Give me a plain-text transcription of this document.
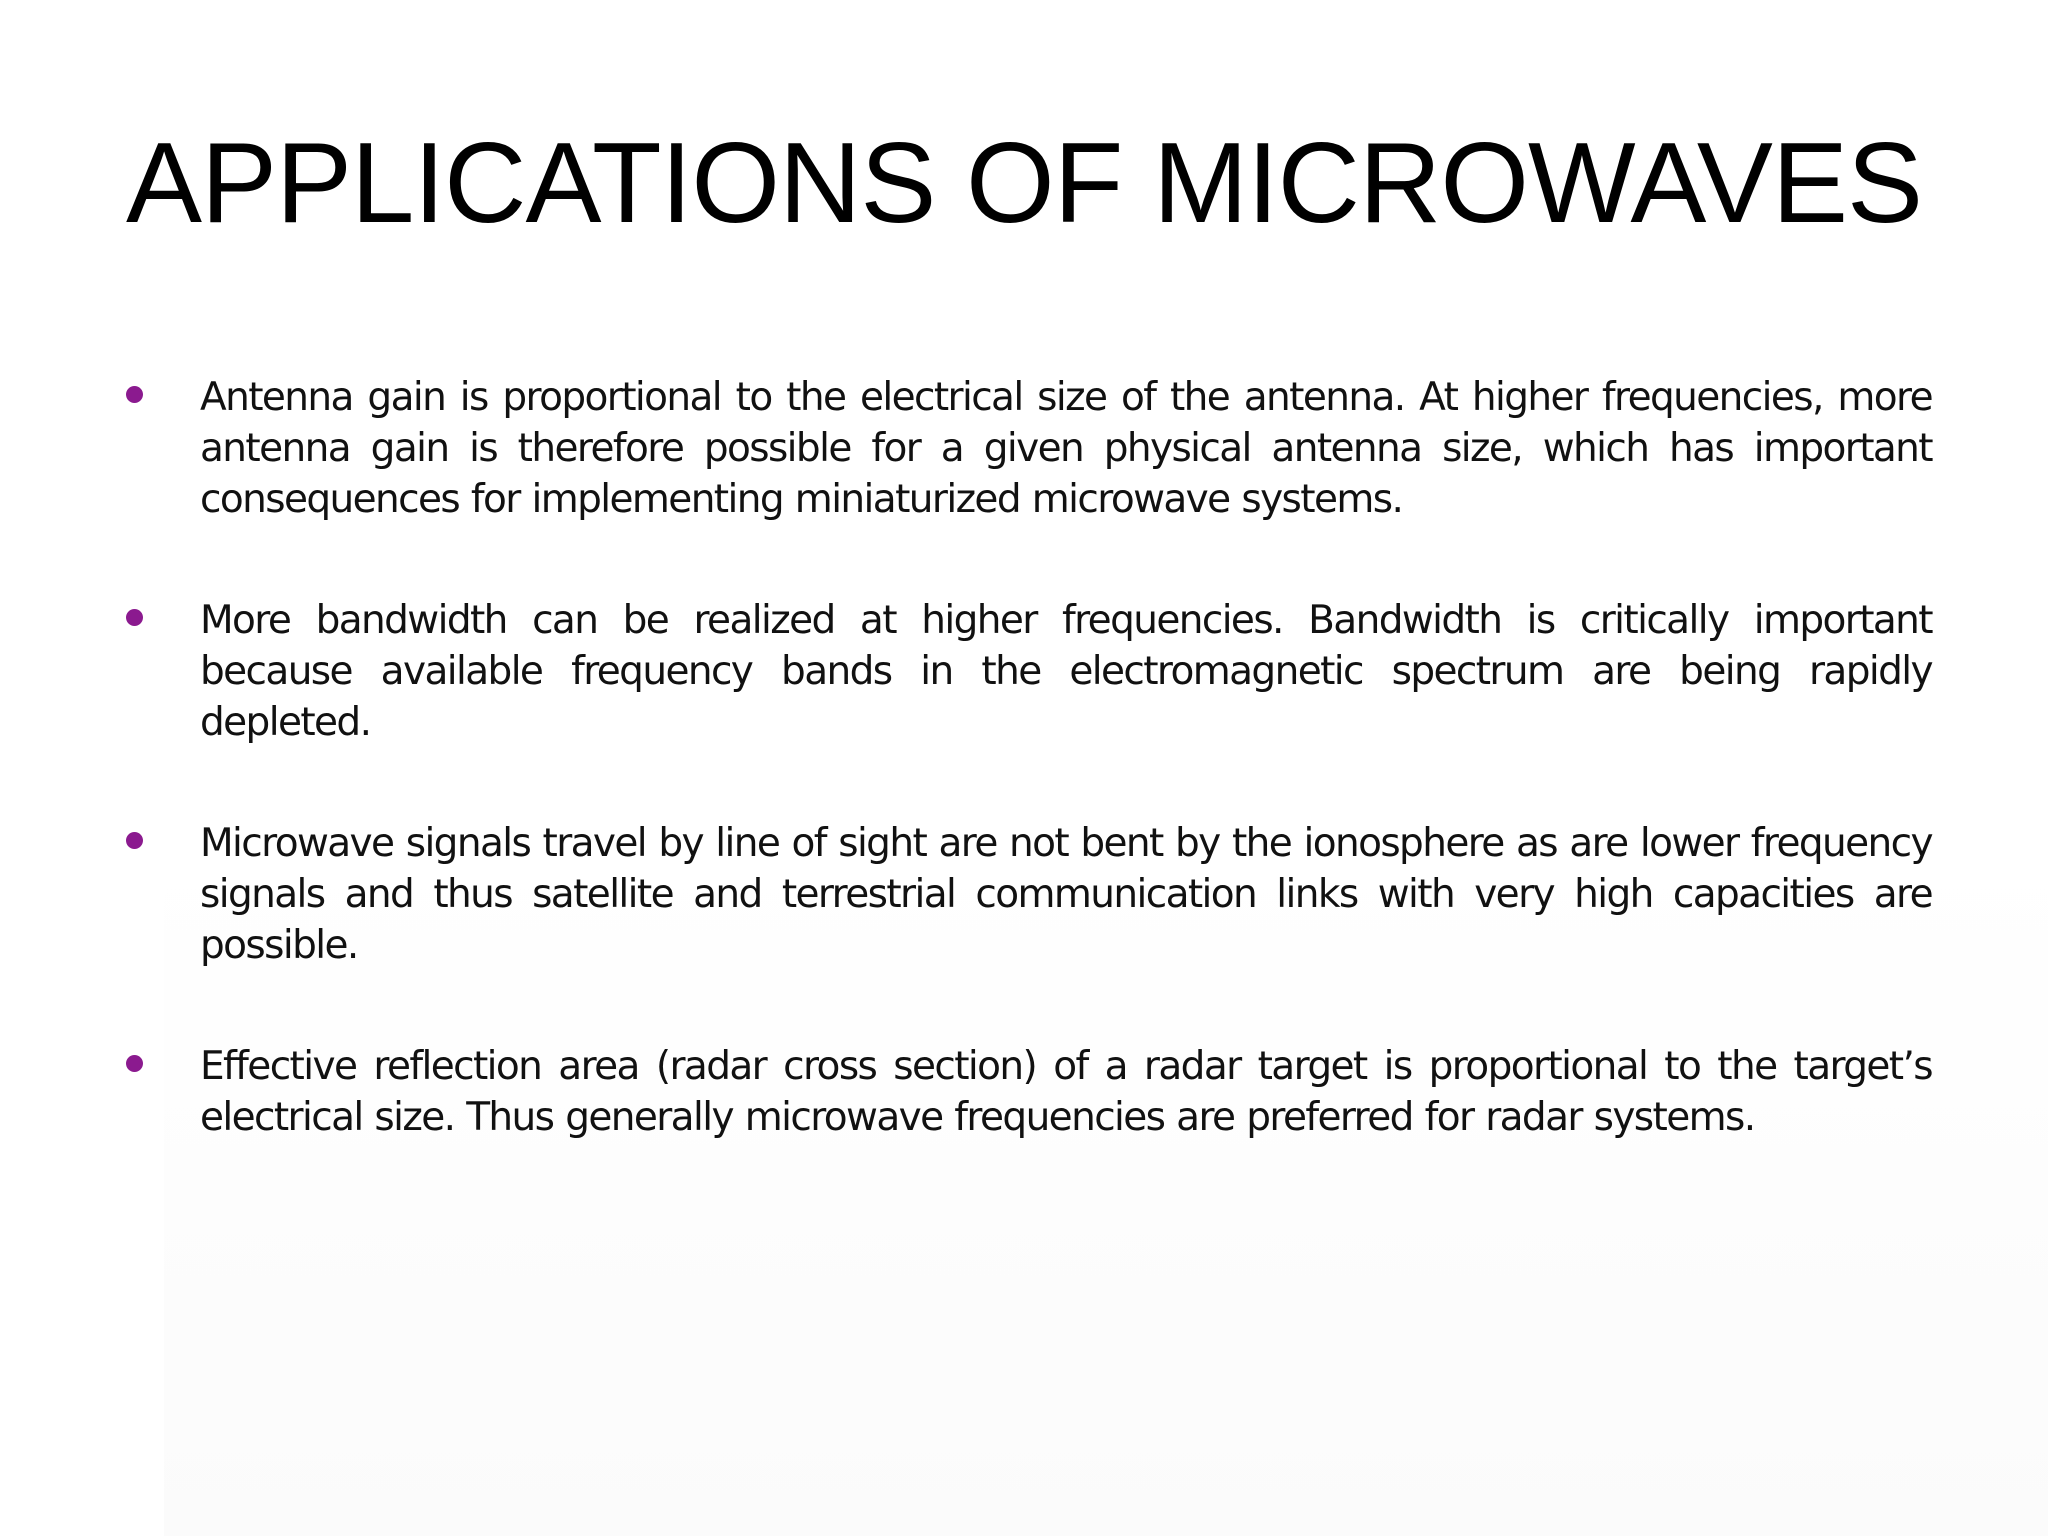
APPLICATIONS OF MICROWAVES
Antenna gain is proportional to the electrical size of the antenna. At higher frequencies, more antenna gain is therefore possible for a given physical antenna size, which has important consequences for implementing miniaturized microwave systems.
More bandwidth can be realized at higher frequencies. Bandwidth is critically important because available frequency bands in the electromagnetic spectrum are being rapidly depleted.
Microwave signals travel by line of sight are not bent by the ionosphere as are lower frequency signals and thus satellite and terrestrial communication links with very high capacities are possible.
Effective reflection area (radar cross section) of a radar target is proportional to the target’s electrical size. Thus generally microwave frequencies are preferred for radar systems.
